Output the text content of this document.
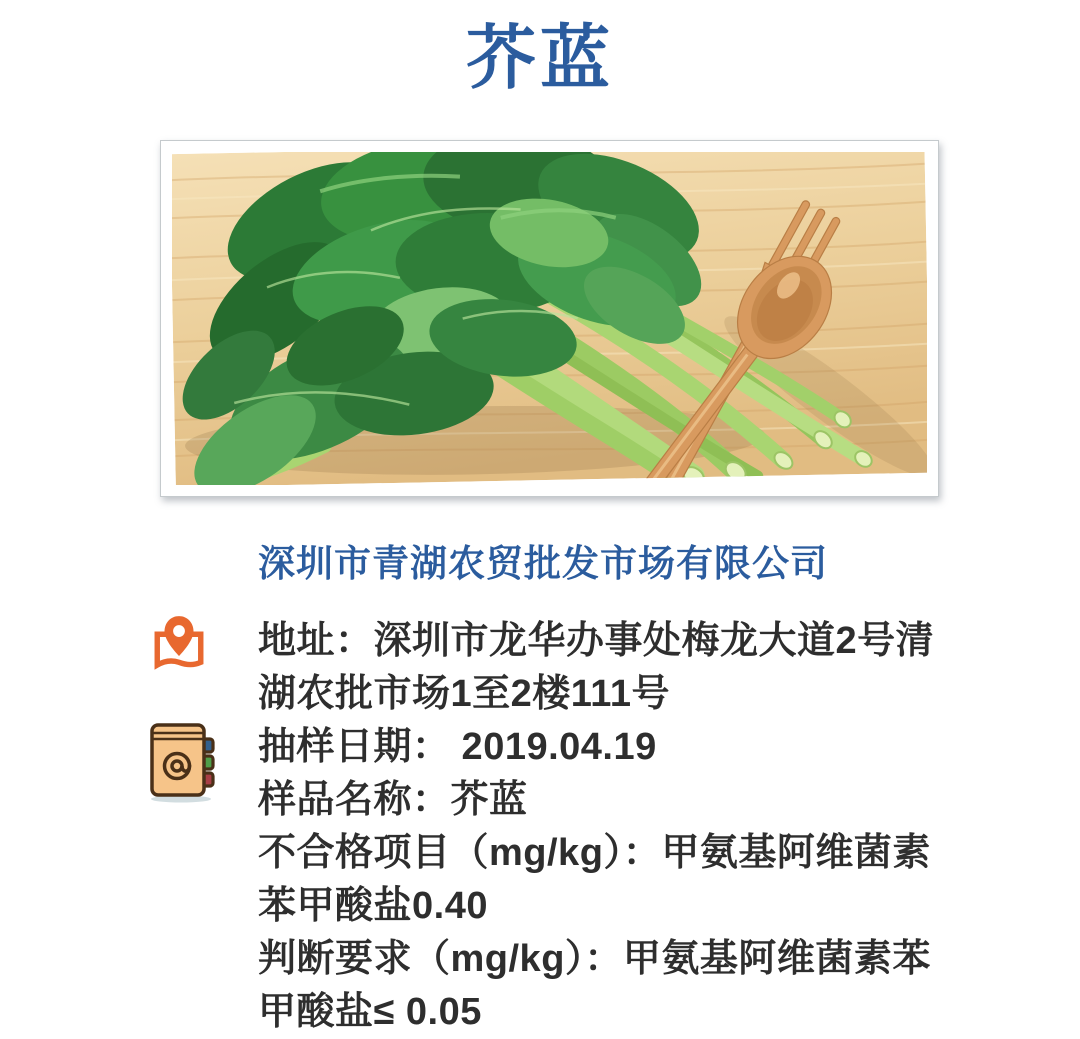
芥蓝
深圳市青湖农贸批发市场有限公司
地址：深圳市龙华办事处梅龙大道2号清
湖农批市场1至2楼111号
抽样日期： 2019.04.19
样品名称：芥蓝
不合格项目（mg/kg）：甲氨基阿维菌素
苯甲酸盐0.40
判断要求（mg/kg）：甲氨基阿维菌素苯
甲酸盐≤ 0.05
